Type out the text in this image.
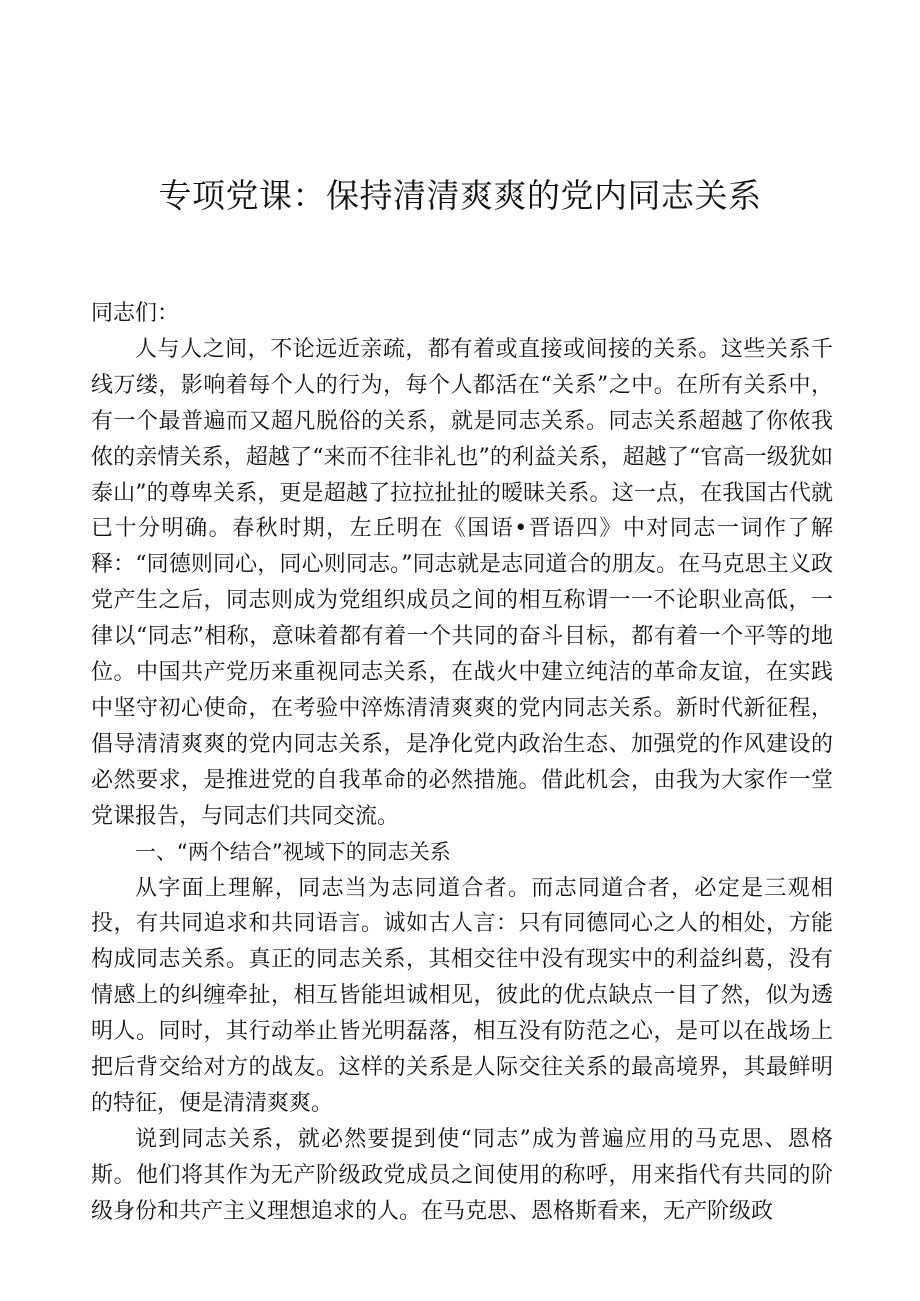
专项党课：保持清清爽爽的党内同志关系

同志们：

人与人之间，不论远近亲疏，都有着或直接或间接的关系。这些关系千线万缕，影响着每个人的行为，每个人都活在“关系”之中。在所有关系中，有一个最普遍而又超凡脱俗的关系，就是同志关系。同志关系超越了你侬我侬的亲情关系，超越了“来而不往非礼也”的利益关系，超越了“官高一级犹如泰山”的尊卑关系，更是超越了拉拉扯扯的暧昧关系。这一点，在我国古代就已十分明确。春秋时期，左丘明在《国语•晋语四》中对同志一词作了解释：“同德则同心，同心则同志。”同志就是志同道合的朋友。在马克思主义政党产生之后，同志则成为党组织成员之间的相互称谓一一不论职业高低，一律以“同志”相称，意味着都有着一个共同的奋斗目标，都有着一个平等的地位。中国共产党历来重视同志关系，在战火中建立纯洁的革命友谊，在实践中坚守初心使命，在考验中淬炼清清爽爽的党内同志关系。新时代新征程，倡导清清爽爽的党内同志关系，是净化党内政治生态、加强党的作风建设的必然要求，是推进党的自我革命的必然措施。借此机会，由我为大家作一堂党课报告，与同志们共同交流。

一、“两个结合”视域下的同志关系

从字面上理解，同志当为志同道合者。而志同道合者，必定是三观相投，有共同追求和共同语言。诚如古人言：只有同德同心之人的相处，方能构成同志关系。真正的同志关系，其相交往中没有现实中的利益纠葛，没有情感上的纠缠牵扯，相互皆能坦诚相见，彼此的优点缺点一目了然，似为透明人。同时，其行动举止皆光明磊落，相互没有防范之心，是可以在战场上把后背交给对方的战友。这样的关系是人际交往关系的最高境界，其最鲜明的特征，便是清清爽爽。

说到同志关系，就必然要提到使“同志”成为普遍应用的马克思、恩格斯。他们将其作为无产阶级政党成员之间使用的称呼，用来指代有共同的阶级身份和共产主义理想追求的人。在马克思、恩格斯看来，无产阶级政
